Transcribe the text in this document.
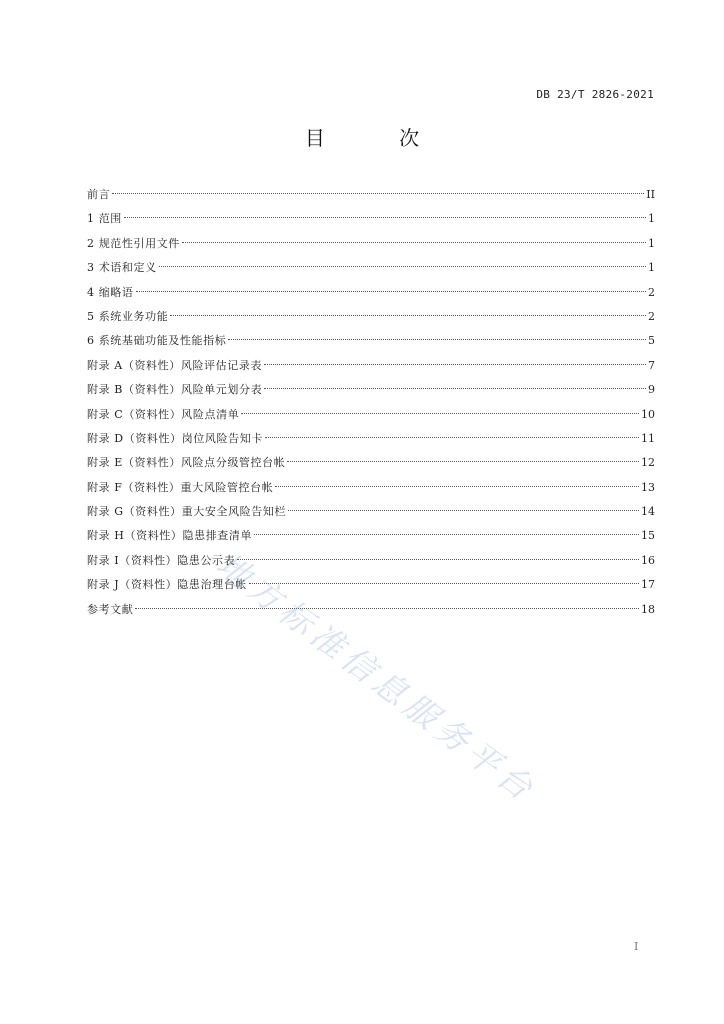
DB 23/T 2826-2021
目 次
前言	II
1 范围	1
2 规范性引用文件	1
3 术语和定义	1
4 缩略语	2
5 系统业务功能	2
6 系统基础功能及性能指标	5
附录 A（资料性）风险评估记录表	7
附录 B（资料性）风险单元划分表	9
附录 C（资料性）风险点清单	10
附录 D（资料性）岗位风险告知卡	11
附录 E（资料性）风险点分级管控台帐	12
附录 F（资料性）重大风险管控台帐	13
附录 G（资料性）重大安全风险告知栏	14
附录 H（资料性）隐患排查清单	15
附录 I（资料性）隐患公示表	16
附录 J（资料性）隐患治理台帐	17
参考文献	18
地方标准信息服务平台
I
